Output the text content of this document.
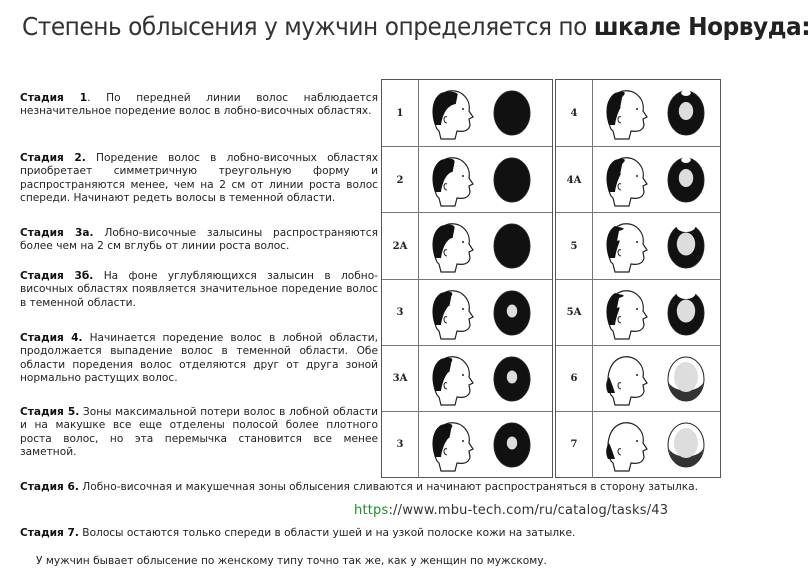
Степень облысения у мужчин определяется по шкале Норвуда:
Стадия 1. По передней линии волос наблюдается незначительное поредение волос в лобно-височных областях.
Стадия 2. Поредение волос в лобно-височных областях приобретает симметричную треугольную форму и распространяются менее, чем на 2 см от линии роста волос спереди. Начинают редеть волосы в теменной области.
Стадия 3а. Лобно-височные залысины распространяются более чем на 2 см вглубь от линии роста волос.
Стадия 3б. На фоне углубляющихся залысин в лобно-височных областях появляется значительное поредение волос в теменной области.
Стадия 4. Начинается поредение волос в лобной области, продолжается выпадение волос в теменной области. Обе области поредения волос отделяются друг от друга зоной нормально растущих волос.
Стадия 5. Зоны максимальной потери волос в лобной области и на макушке все еще отделены полосой более плотного роста волос, но эта перемычка становится все менее заметной.
Стадия 6. Лобно-височная и макушечная зоны облысения сливаются и начинают распространяться в сторону затылка.
Стадия 7. Волосы остаются только спереди в области ушей и на узкой полоске кожи на затылке.
https://www.mbu-tech.com/ru/catalog/tasks/43
У мужчин бывает облысение по женскому типу точно так же, как у женщин по мужскому.
1
2
2A
3
3A
3
4
4A
5
5A
6
7
